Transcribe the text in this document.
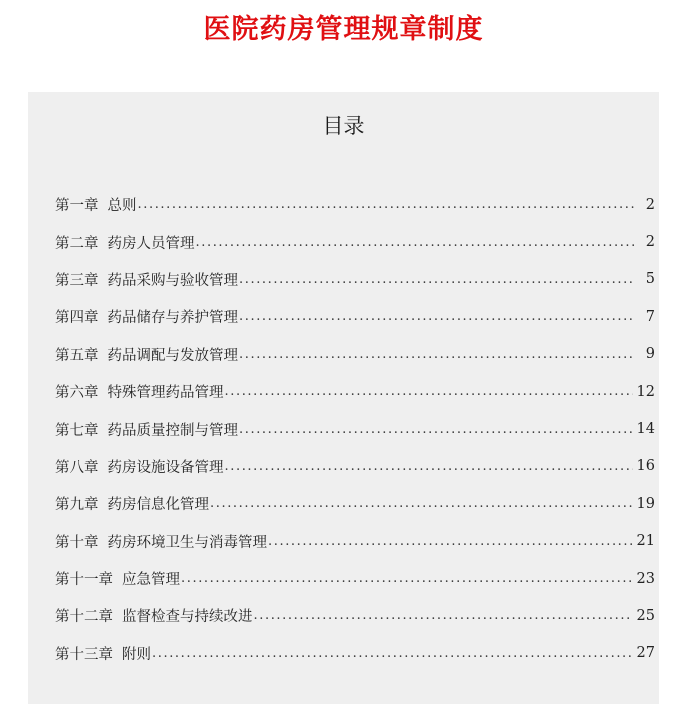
医院药房管理规章制度
目录
第一章 总则 .....	2
第二章 药房人员管理 .....	2
第三章 药品采购与验收管理 .....	5
第四章 药品储存与养护管理 .....	7
第五章 药品调配与发放管理 .....	9
第六章 特殊管理药品管理 .....	12
第七章 药品质量控制与管理 .....	14
第八章 药房设施设备管理 .....	16
第九章 药房信息化管理 .....	19
第十章 药房环境卫生与消毒管理 .....	21
第十一章 应急管理 .....	23
第十二章 监督检查与持续改进 .....	25
第十三章 附则 .....	27
